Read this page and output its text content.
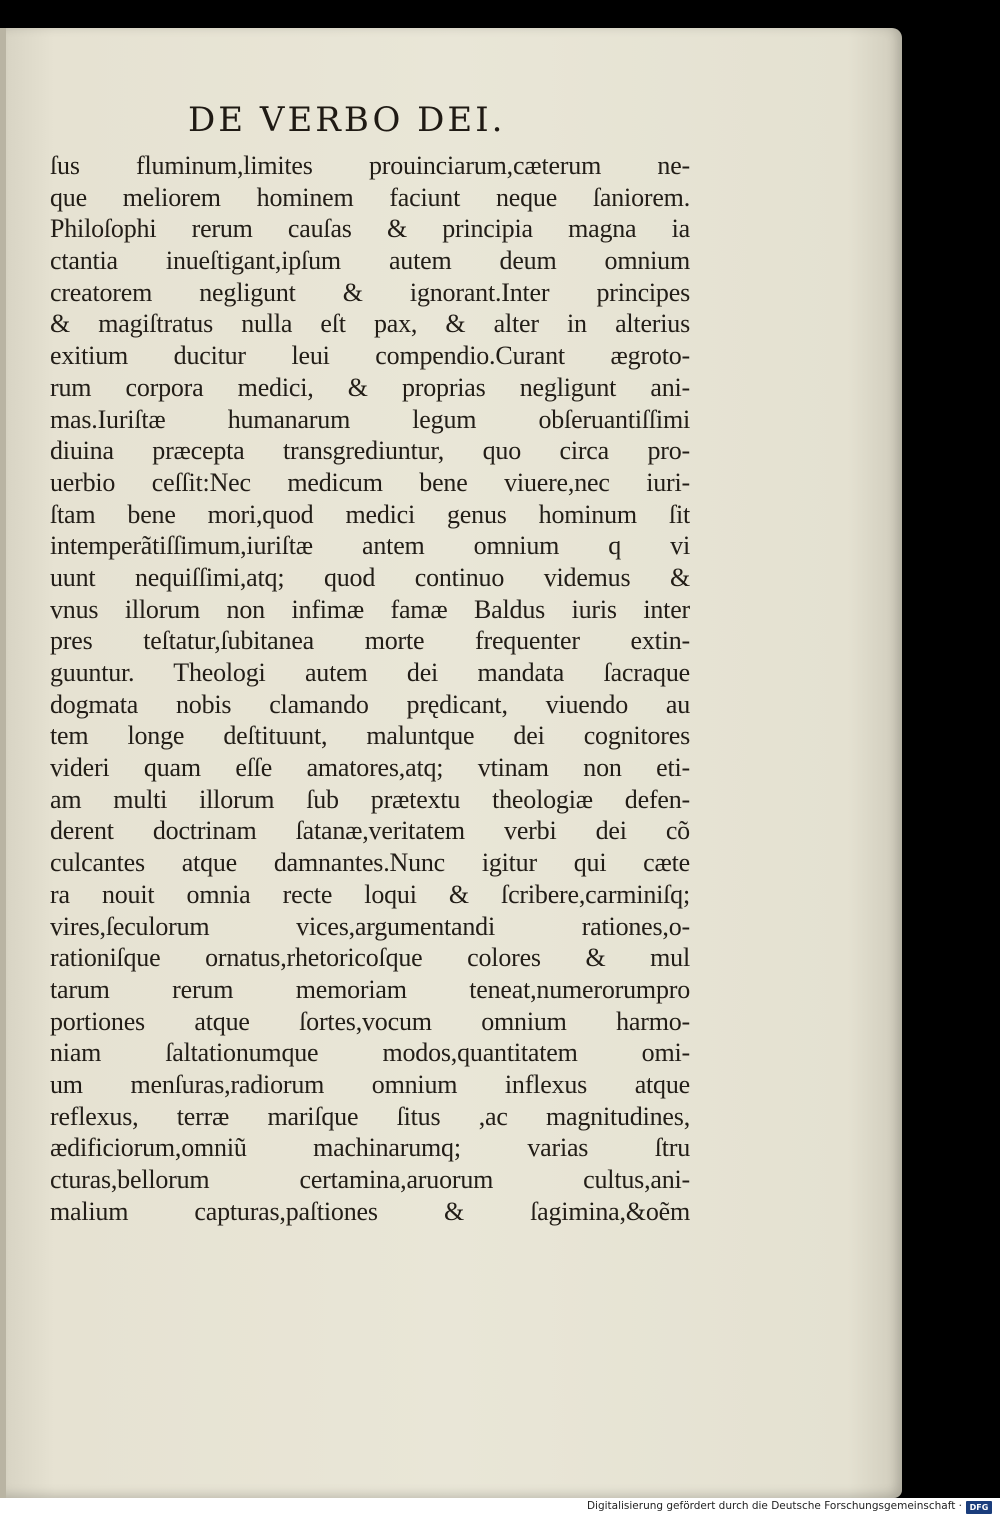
DE VERBO DEI.
ſus fluminum,limites prouinciarum,cæterum ne-
que meliorem hominem faciunt neque ſaniorem.
Philoſophi rerum cauſas & principia magna ia
ctantia inueſtigant,ipſum autem deum omnium
creatorem negligunt & ignorant.Inter principes
& magiſtratus nulla eſt pax, & alter in alterius
exitium ducitur leui compendio.Curant ægroto-
rum corpora medici, & proprias negligunt ani-
mas.Iuriſtæ humanarum legum obſeruantiſſimi
diuina præcepta transgrediuntur, quo circa pro-
uerbio ceſſit:Nec medicum bene viuere,nec iuri-
ſtam bene mori,quod medici genus hominum ſit
intemperãtiſſimum,iuriſtæ antem omnium q vi
uunt nequiſſimi,atq; quod continuo videmus &
vnus illorum non infimæ famæ Baldus iuris inter
pres teſtatur,ſubitanea morte frequenter extin-
guuntur. Theologi autem dei mandata ſacraque
dogmata nobis clamando prędicant, viuendo au
tem longe deſtituunt, maluntque dei cognitores
videri quam eſſe amatores,atq; vtinam non eti-
am multi illorum ſub prætextu theologiæ defen-
derent doctrinam ſatanæ,veritatem verbi dei cõ
culcantes atque damnantes.Nunc igitur qui cæte
ra nouit omnia recte loqui & ſcribere,carminiſq;
vires,ſeculorum vices,argumentandi rationes,o-
rationiſque ornatus,rhetoricoſque colores & mul
tarum rerum memoriam teneat,numerorumpro
portiones atque ſortes,vocum omnium harmo-
niam ſaltationumque modos,quantitatem omi-
um menſuras,radiorum omnium inflexus atque
reflexus, terræ mariſque ſitus ,ac magnitudines,
ædificiorum,omniũ machinarumq; varias ſtru
cturas,bellorum certamina,aruorum cultus,ani-
malium capturas,paſtiones & ſagimina,&oẽm
Digitalisierung gefördert durch die Deutsche Forschungsgemeinschaft · DFG
